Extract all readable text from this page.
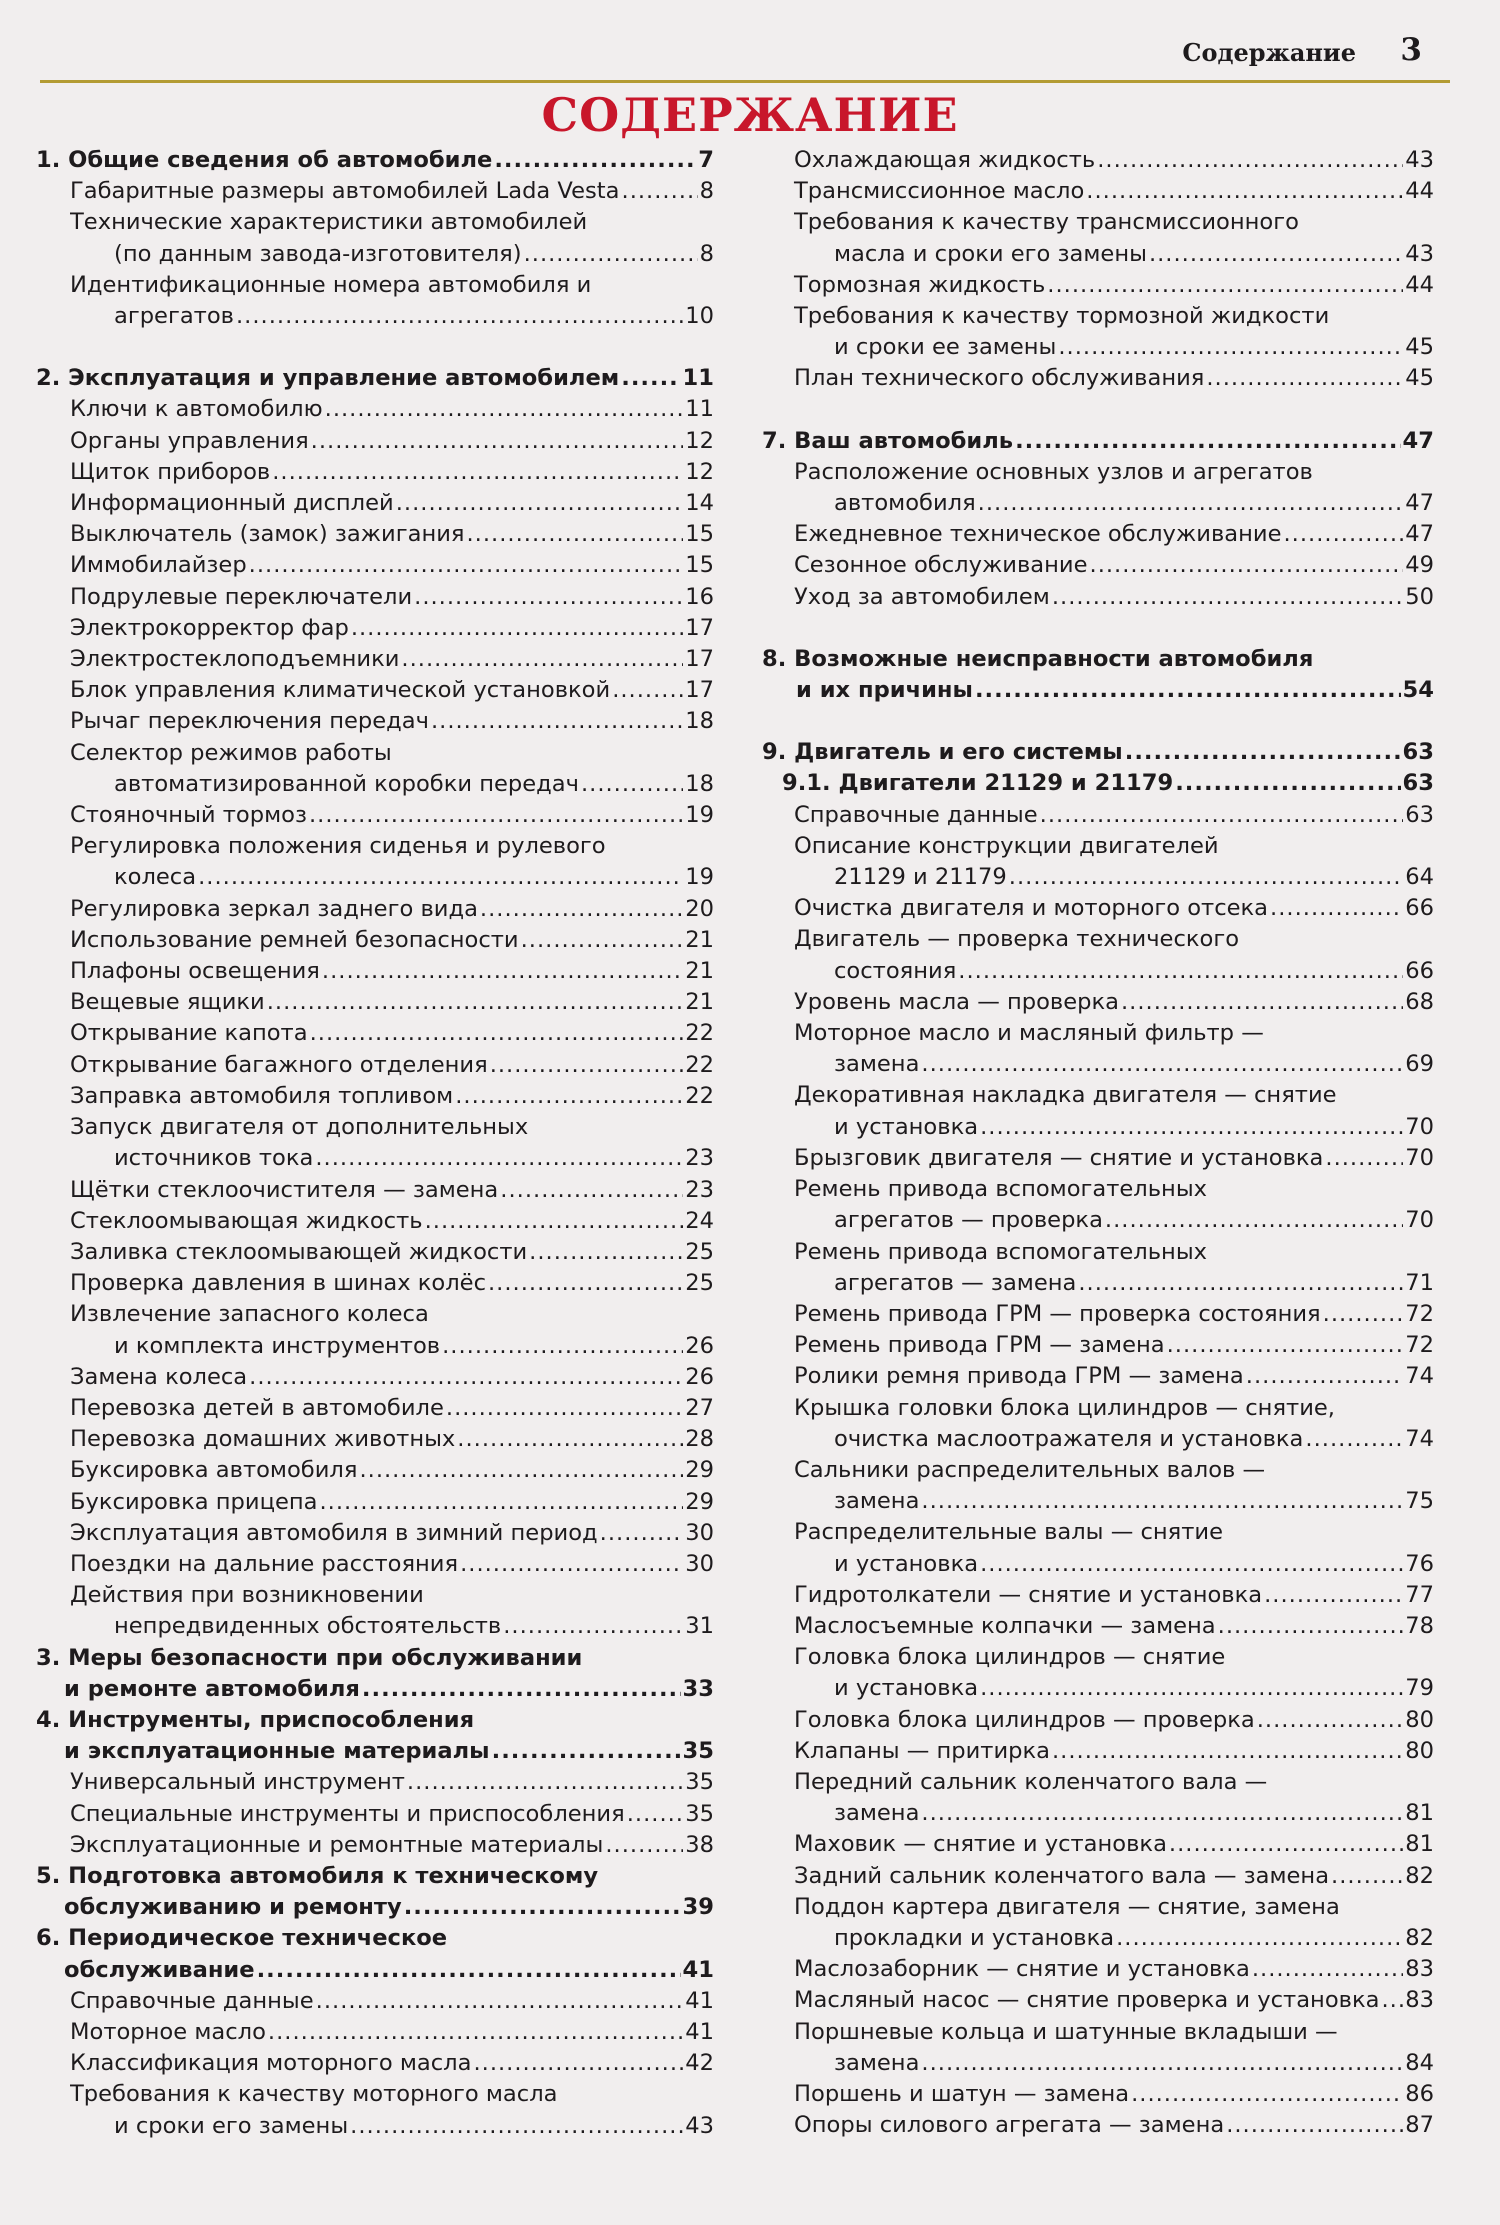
Содержание 3
СОДЕРЖАНИЕ
1. Общие сведения об автомобиле .....	7
Габаритные размеры автомобилей Lada Vesta .....	8
Технические характеристики автомобилей
(по данным завода-изготовителя) .....	8
Идентификационные номера автомобиля и
агрегатов .....	10
2. Эксплуатация и управление автомобилем .....	11
Ключи к автомобилю .....	11
Органы управления .....	12
Щиток приборов .....	12
Информационный дисплей .....	14
Выключатель (замок) зажигания .....	15
Иммобилайзер .....	15
Подрулевые переключатели .....	16
Электрокорректор фар .....	17
Электростеклоподъемники .....	17
Блок управления климатической установкой .....	17
Рычаг переключения передач .....	18
Селектор режимов работы
автоматизированной коробки передач .....	18
Стояночный тормоз .....	19
Регулировка положения сиденья и рулевого
колеса .....	19
Регулировка зеркал заднего вида .....	20
Использование ремней безопасности .....	21
Плафоны освещения .....	21
Вещевые ящики .....	21
Открывание капота .....	22
Открывание багажного отделения .....	22
Заправка автомобиля топливом .....	22
Запуск двигателя от дополнительных
источников тока .....	23
Щётки стеклоочистителя — замена .....	23
Стеклоомывающая жидкость .....	24
Заливка стеклоомывающей жидкости .....	25
Проверка давления в шинах колёс .....	25
Извлечение запасного колеса
и комплекта инструментов .....	26
Замена колеса .....	26
Перевозка детей в автомобиле .....	27
Перевозка домашних животных .....	28
Буксировка автомобиля .....	29
Буксировка прицепа .....	29
Эксплуатация автомобиля в зимний период .....	30
Поездки на дальние расстояния .....	30
Действия при возникновении
непредвиденных обстоятельств .....	31
3. Меры безопасности при обслуживании
и ремонте автомобиля .....	33
4. Инструменты, приспособления
и эксплуатационные материалы .....	35
Универсальный инструмент .....	35
Специальные инструменты и приспособления .....	35
Эксплуатационные и ремонтные материалы .....	38
5. Подготовка автомобиля к техническому
обслуживанию и ремонту .....	39
6. Периодическое техническое
обслуживание .....	41
Справочные данные .....	41
Моторное масло .....	41
Классификация моторного масла .....	42
Требования к качеству моторного масла
и сроки его замены .....	43
Охлаждающая жидкость .....	43
Трансмиссионное масло .....	44
Требования к качеству трансмиссионного
масла и сроки его замены .....	43
Тормозная жидкость .....	44
Требования к качеству тормозной жидкости
и сроки ее замены .....	45
План технического обслуживания .....	45
7. Ваш автомобиль .....	47
Расположение основных узлов и агрегатов
автомобиля .....	47
Ежедневное техническое обслуживание .....	47
Сезонное обслуживание .....	49
Уход за автомобилем .....	50
8. Возможные неисправности автомобиля
и их причины .....	54
9. Двигатель и его системы .....	63
9.1. Двигатели 21129 и 21179 .....	63
Справочные данные .....	63
Описание конструкции двигателей
21129 и 21179 .....	64
Очистка двигателя и моторного отсека .....	66
Двигатель — проверка технического
состояния .....	66
Уровень масла — проверка .....	68
Моторное масло и масляный фильтр —
замена .....	69
Декоративная накладка двигателя — снятие
и установка .....	70
Брызговик двигателя — снятие и установка .....	70
Ремень привода вспомогательных
агрегатов — проверка .....	70
Ремень привода вспомогательных
агрегатов — замена .....	71
Ремень привода ГРМ — проверка состояния .....	72
Ремень привода ГРМ — замена .....	72
Ролики ремня привода ГРМ — замена .....	74
Крышка головки блока цилиндров — снятие,
очистка маслоотражателя и установка .....	74
Сальники распределительных валов —
замена .....	75
Распределительные валы — снятие
и установка .....	76
Гидротолкатели — снятие и установка .....	77
Маслосъемные колпачки — замена .....	78
Головка блока цилиндров — снятие
и установка .....	79
Головка блока цилиндров — проверка .....	80
Клапаны — притирка .....	80
Передний сальник коленчатого вала —
замена .....	81
Маховик — снятие и установка .....	81
Задний сальник коленчатого вала — замена .....	82
Поддон картера двигателя — снятие, замена
прокладки и установка .....	82
Маслозаборник — снятие и установка .....	83
Масляный насос — снятие проверка и установка ..... 83
Поршневые кольца и шатунные вкладыши —
замена .....	84
Поршень и шатун — замена .....	86
Опоры силового агрегата — замена .....	87
